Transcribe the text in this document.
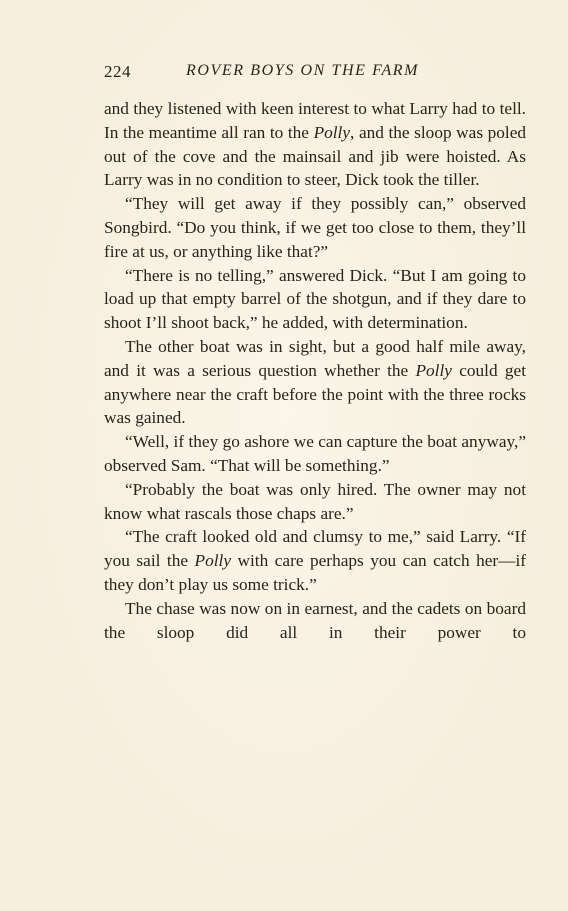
224	ROVER BOYS ON THE FARM

and they listened with keen interest to what Larry had to tell. In the meantime all ran to the Polly, and the sloop was poled out of the cove and the mainsail and jib were hoisted. As Larry was in no condition to steer, Dick took the tiller.

“They will get away if they possibly can,” observed Songbird. “Do you think, if we get too close to them, they’ll fire at us, or anything like that?”

“There is no telling,” answered Dick. “But I am going to load up that empty barrel of the shotgun, and if they dare to shoot I’ll shoot back,” he added, with determination.

The other boat was in sight, but a good half mile away, and it was a serious question whether the Polly could get anywhere near the craft before the point with the three rocks was gained.

“Well, if they go ashore we can capture the boat anyway,” observed Sam. “That will be something.”

“Probably the boat was only hired. The owner may not know what rascals those chaps are.”

“The craft looked old and clumsy to me,” said Larry. “If you sail the Polly with care perhaps you can catch her—if they don’t play us some trick.”

The chase was now on in earnest, and the cadets on board the sloop did all in their power to
